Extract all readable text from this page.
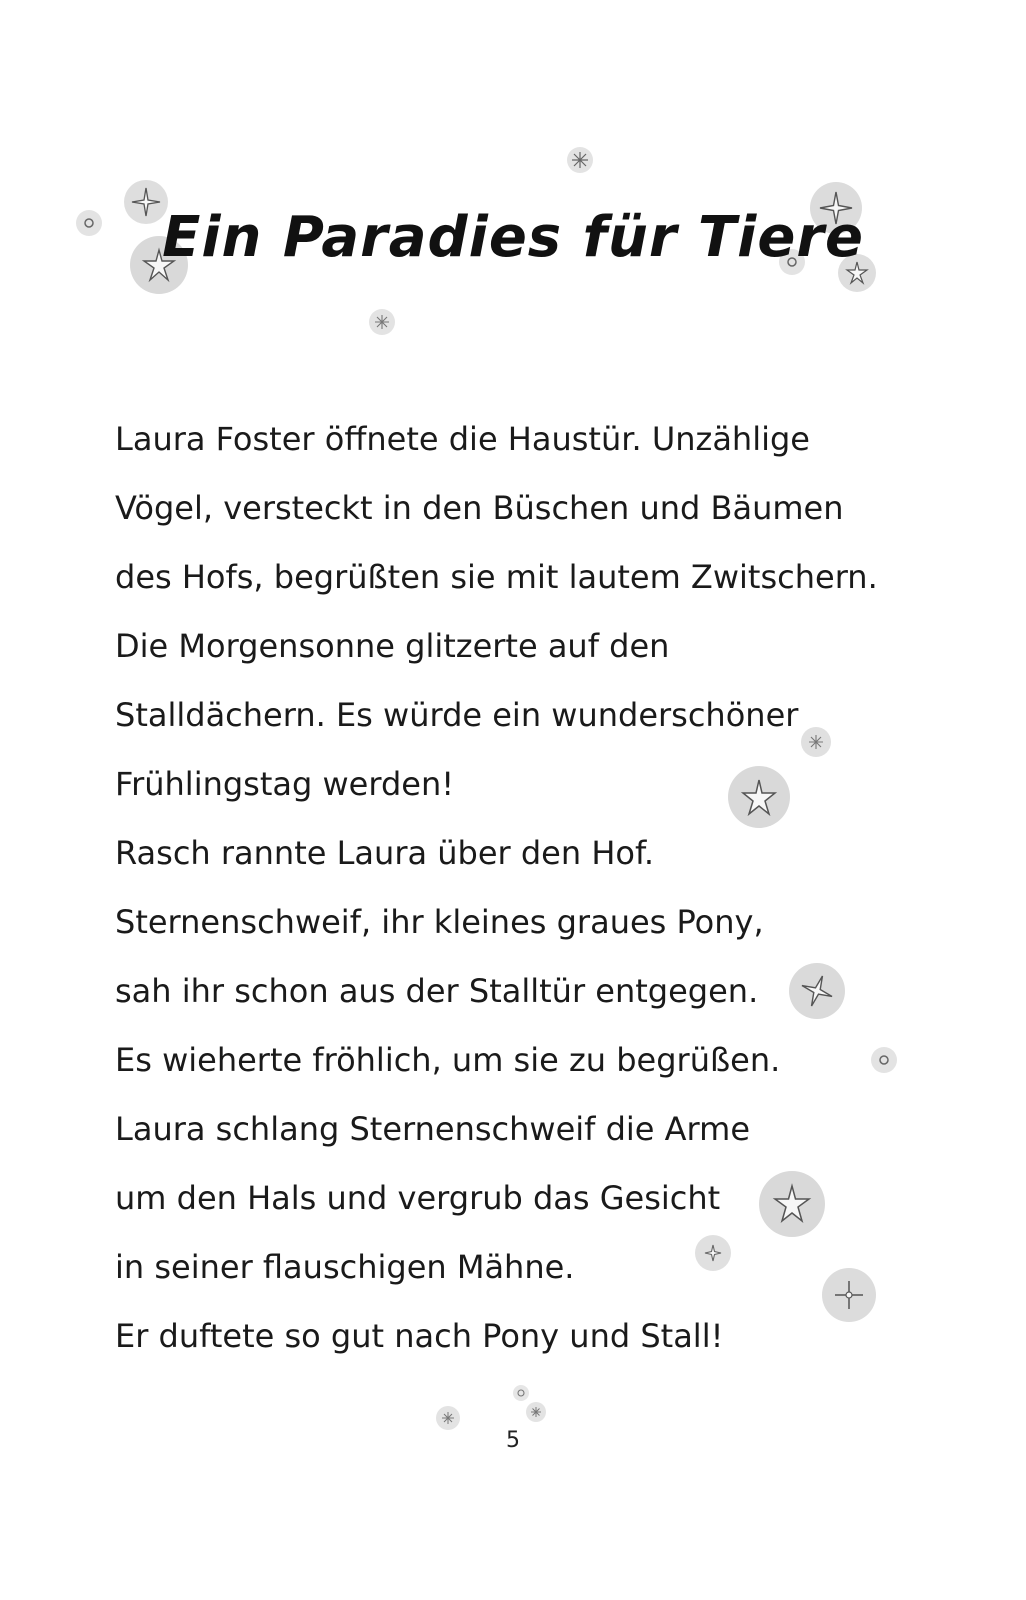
Ein Paradies für Tiere
Laura Foster öffnete die Haustür. Unzählige
Vögel, versteckt in den Büschen und Bäumen
des Hofs, begrüßten sie mit lautem Zwitschern.
Die Morgensonne glitzerte auf den
Stalldächern. Es würde ein wunderschöner
Frühlingstag werden!
Rasch rannte Laura über den Hof.
Sternenschweif, ihr kleines graues Pony,
sah ihr schon aus der Stalltür entgegen.
Es wieherte fröhlich, um sie zu begrüßen.
Laura schlang Sternenschweif die Arme
um den Hals und vergrub das Gesicht
in seiner flauschigen Mähne.
Er duftete so gut nach Pony und Stall!
5
